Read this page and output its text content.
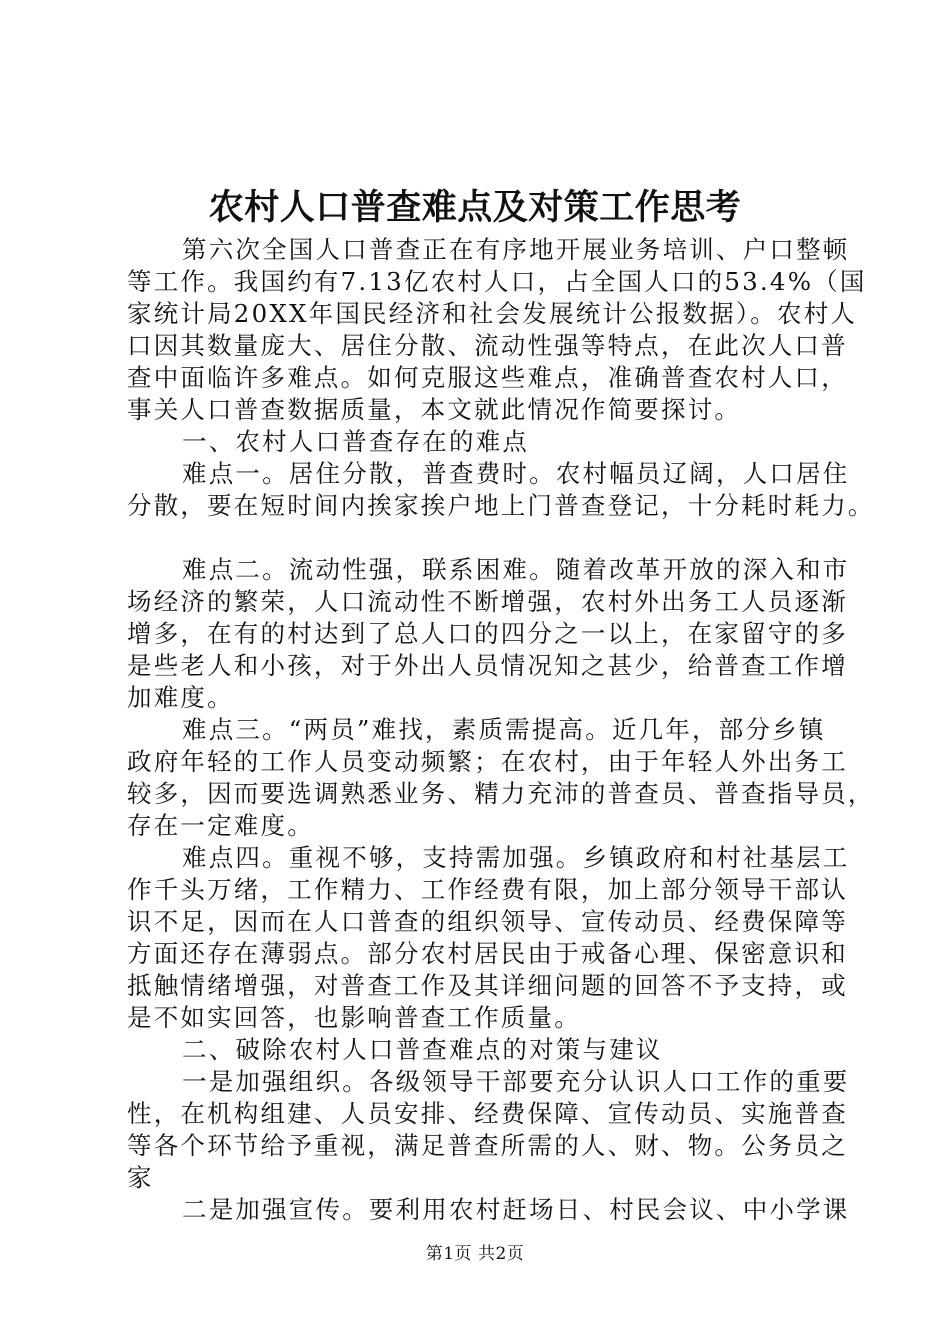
农村人口普查难点及对策工作思考
第六次全国人口普查正在有序地开展业务培训、户口整顿
等工作。我国约有7.13亿农村人口，占全国人口的53.4%（国
家统计局20XX年国民经济和社会发展统计公报数据）。农村人
口因其数量庞大、居住分散、流动性强等特点，在此次人口普
查中面临许多难点。如何克服这些难点，准确普查农村人口，
事关人口普查数据质量，本文就此情况作简要探讨。
一、农村人口普查存在的难点
难点一。居住分散，普查费时。农村幅员辽阔，人口居住
分散，要在短时间内挨家挨户地上门普查登记，十分耗时耗力。
难点二。流动性强，联系困难。随着改革开放的深入和市
场经济的繁荣，人口流动性不断增强，农村外出务工人员逐渐
增多，在有的村达到了总人口的四分之一以上，在家留守的多
是些老人和小孩，对于外出人员情况知之甚少，给普查工作增
加难度。
难点三。“两员”难找，素质需提高。近几年，部分乡镇
政府年轻的工作人员变动频繁；在农村，由于年轻人外出务工
较多，因而要选调熟悉业务、精力充沛的普查员、普查指导员，
存在一定难度。
难点四。重视不够，支持需加强。乡镇政府和村社基层工
作千头万绪，工作精力、工作经费有限，加上部分领导干部认
识不足，因而在人口普查的组织领导、宣传动员、经费保障等
方面还存在薄弱点。部分农村居民由于戒备心理、保密意识和
抵触情绪增强，对普查工作及其详细问题的回答不予支持，或
是不如实回答，也影响普查工作质量。
二、破除农村人口普查难点的对策与建议
一是加强组织。各级领导干部要充分认识人口工作的重要
性，在机构组建、人员安排、经费保障、宣传动员、实施普查
等各个环节给予重视，满足普查所需的人、财、物。公务员之
家
二是加强宣传。要利用农村赶场日、村民会议、中小学课
第1页 共2页
